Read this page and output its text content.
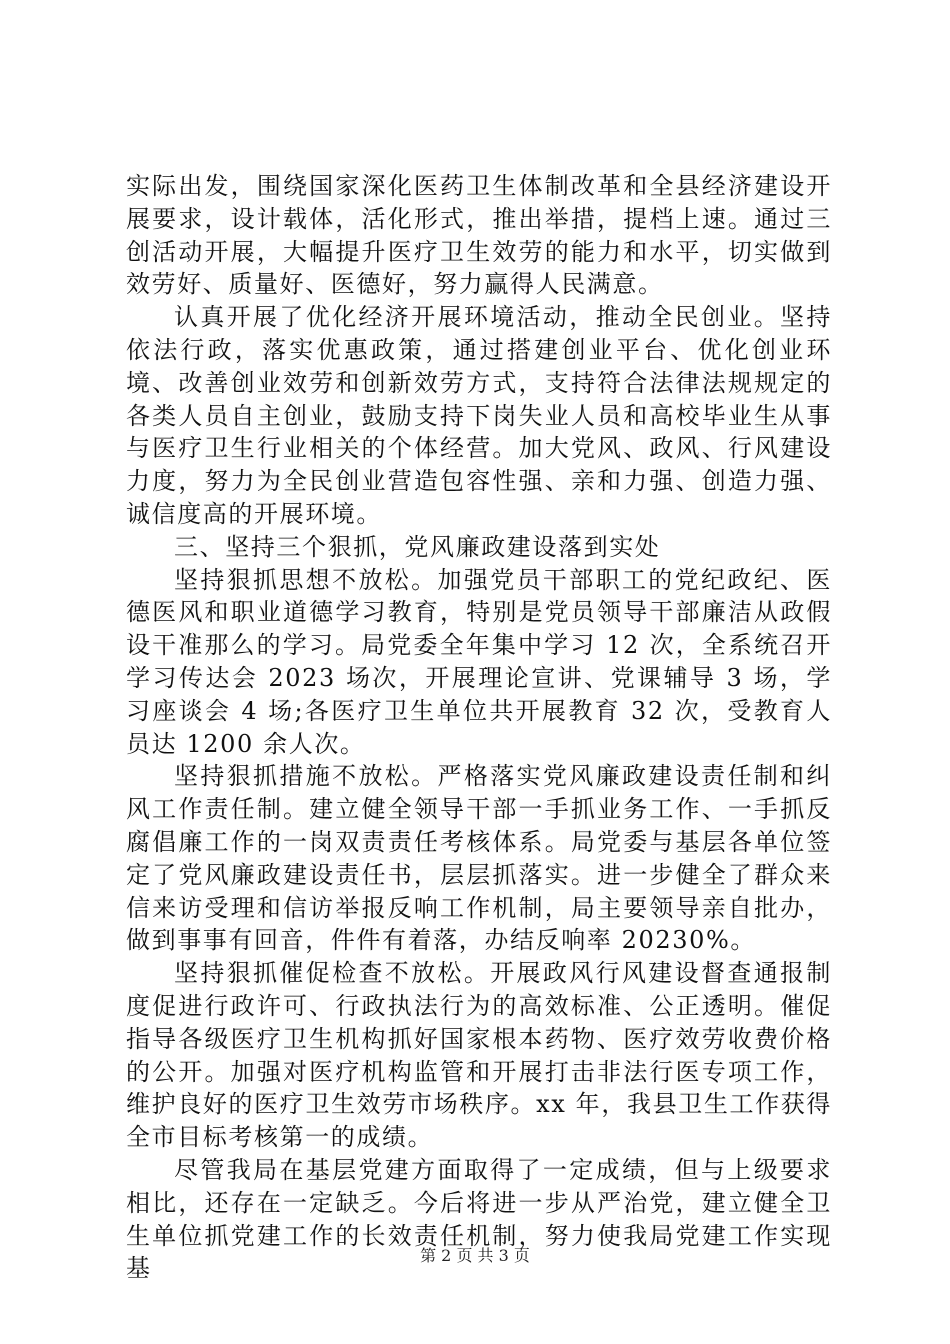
实际出发，围绕国家深化医药卫生体制改革和全县经济建设开展要求，设计载体，活化形式，推出举措，提档上速。通过三创活动开展，大幅提升医疗卫生效劳的能力和水平，切实做到效劳好、质量好、医德好，努力赢得人民满意。

认真开展了优化经济开展环境活动，推动全民创业。坚持依法行政，落实优惠政策，通过搭建创业平台、优化创业环境、改善创业效劳和创新效劳方式，支持符合法律法规规定的各类人员自主创业，鼓励支持下岗失业人员和高校毕业生从事与医疗卫生行业相关的个体经营。加大党风、政风、行风建设力度，努力为全民创业营造包容性强、亲和力强、创造力强、诚信度高的开展环境。

三、坚持三个狠抓，党风廉政建设落到实处

坚持狠抓思想不放松。加强党员干部职工的党纪政纪、医德医风和职业道德学习教育，特别是党员领导干部廉洁从政假设干准那么的学习。局党委全年集中学习 12 次，全系统召开学习传达会 2023 场次，开展理论宣讲、党课辅导 3 场，学习座谈会 4 场;各医疗卫生单位共开展教育 32 次，受教育人员达 1200 余人次。

坚持狠抓措施不放松。严格落实党风廉政建设责任制和纠风工作责任制。建立健全领导干部一手抓业务工作、一手抓反腐倡廉工作的一岗双责责任考核体系。局党委与基层各单位签定了党风廉政建设责任书，层层抓落实。进一步健全了群众来信来访受理和信访举报反响工作机制，局主要领导亲自批办，做到事事有回音，件件有着落，办结反响率 20230%。

坚持狠抓催促检查不放松。开展政风行风建设督查通报制度促进行政许可、行政执法行为的高效标准、公正透明。催促指导各级医疗卫生机构抓好国家根本药物、医疗效劳收费价格的公开。加强对医疗机构监管和开展打击非法行医专项工作，维护良好的医疗卫生效劳市场秩序。xx 年，我县卫生工作获得全市目标考核第一的成绩。

尽管我局在基层党建方面取得了一定成绩，但与上级要求相比，还存在一定缺乏。今后将进一步从严治党，建立健全卫生单位抓党建工作的长效责任机制，努力使我局党建工作实现基	第 2 页 共 3 页
